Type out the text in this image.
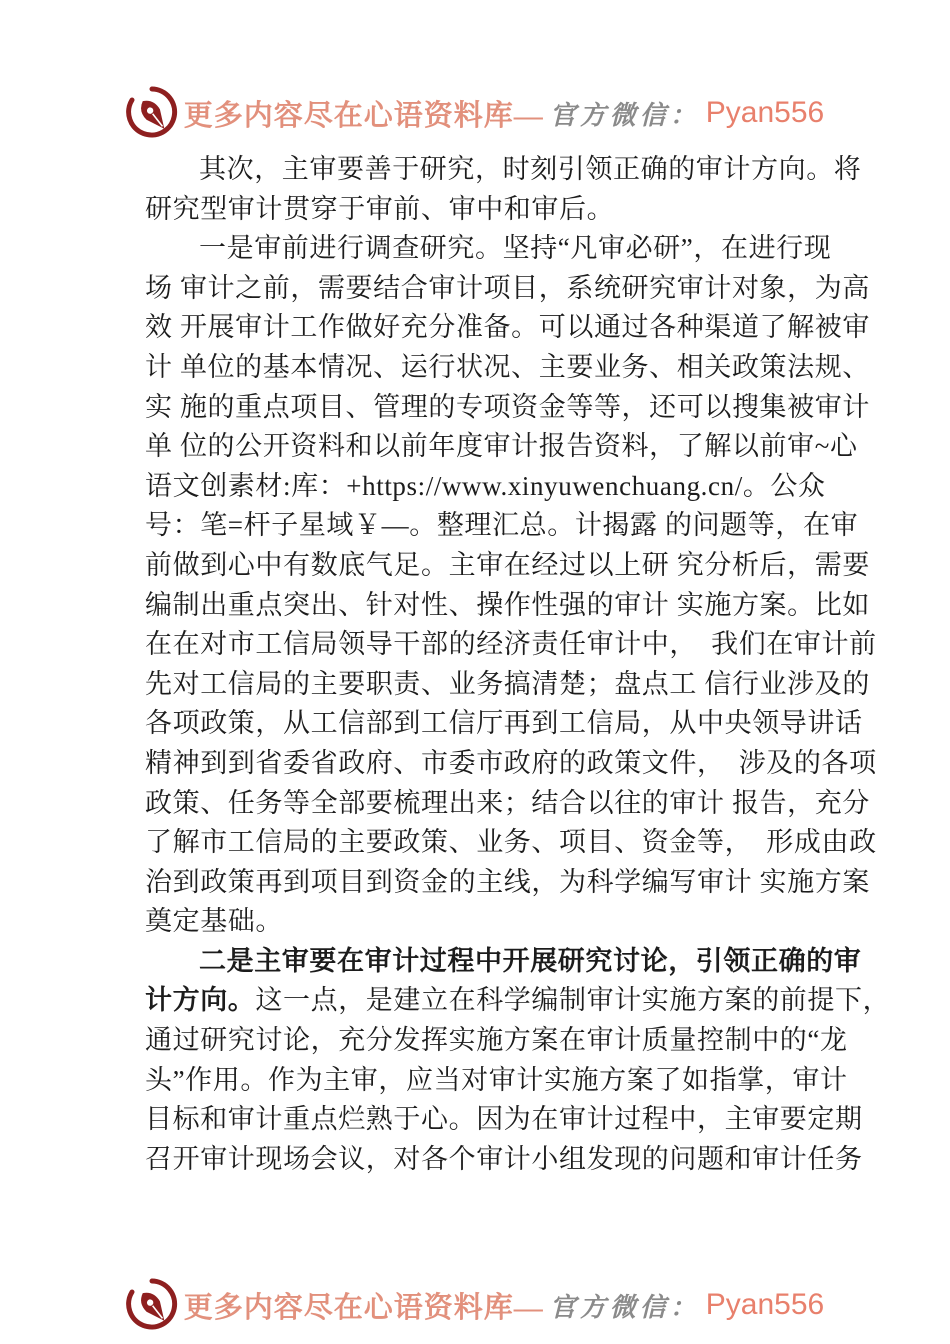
更多内容尽在心语资料库— 官方微信： Pyan556
其次，主审要善于研究，时刻引领正确的审计方向。将
研究型审计贯穿于审前、审中和审后。
一是审前进行调查研究。坚持“凡审必研”，在进行现
场 审计之前，需要结合审计项目，系统研究审计对象，为高
效 开展审计工作做好充分准备。可以通过各种渠道了解被审
计 单位的基本情况、运行状况、主要业务、相关政策法规、
实 施的重点项目、管理的专项资金等等，还可以搜集被审计
单 位的公开资料和以前年度审计报告资料，了解以前审~心
语文创素材:库：+https://www.xinyuwenchuang.cn/。公众
号：笔=杆子星域￥—。整理汇总。计揭露 的问题等，在审
前做到心中有数底气足。主审在经过以上研 究分析后，需要
编制出重点突出、针对性、操作性强的审计 实施方案。比如
在在对市工信局领导干部的经济责任审计中，　我们在审计前
先对工信局的主要职责、业务搞清楚；盘点工 信行业涉及的
各项政策，从工信部到工信厅再到工信局，从中央领导讲话
精神到到省委省政府、市委市政府的政策文件，　涉及的各项
政策、任务等全部要梳理出来；结合以往的审计 报告，充分
了解市工信局的主要政策、业务、项目、资金等，　形成由政
治到政策再到项目到资金的主线，为科学编写审计 实施方案
奠定基础。
二是主审要在审计过程中开展研究讨论，引领正确的审
计方向。这一点，是建立在科学编制审计实施方案的前提下，
通过研究讨论，充分发挥实施方案在审计质量控制中的“龙
头”作用。作为主审，应当对审计实施方案了如指掌，审计
目标和审计重点烂熟于心。因为在审计过程中，主审要定期
召开审计现场会议，对各个审计小组发现的问题和审计任务
更多内容尽在心语资料库— 官方微信： Pyan556
